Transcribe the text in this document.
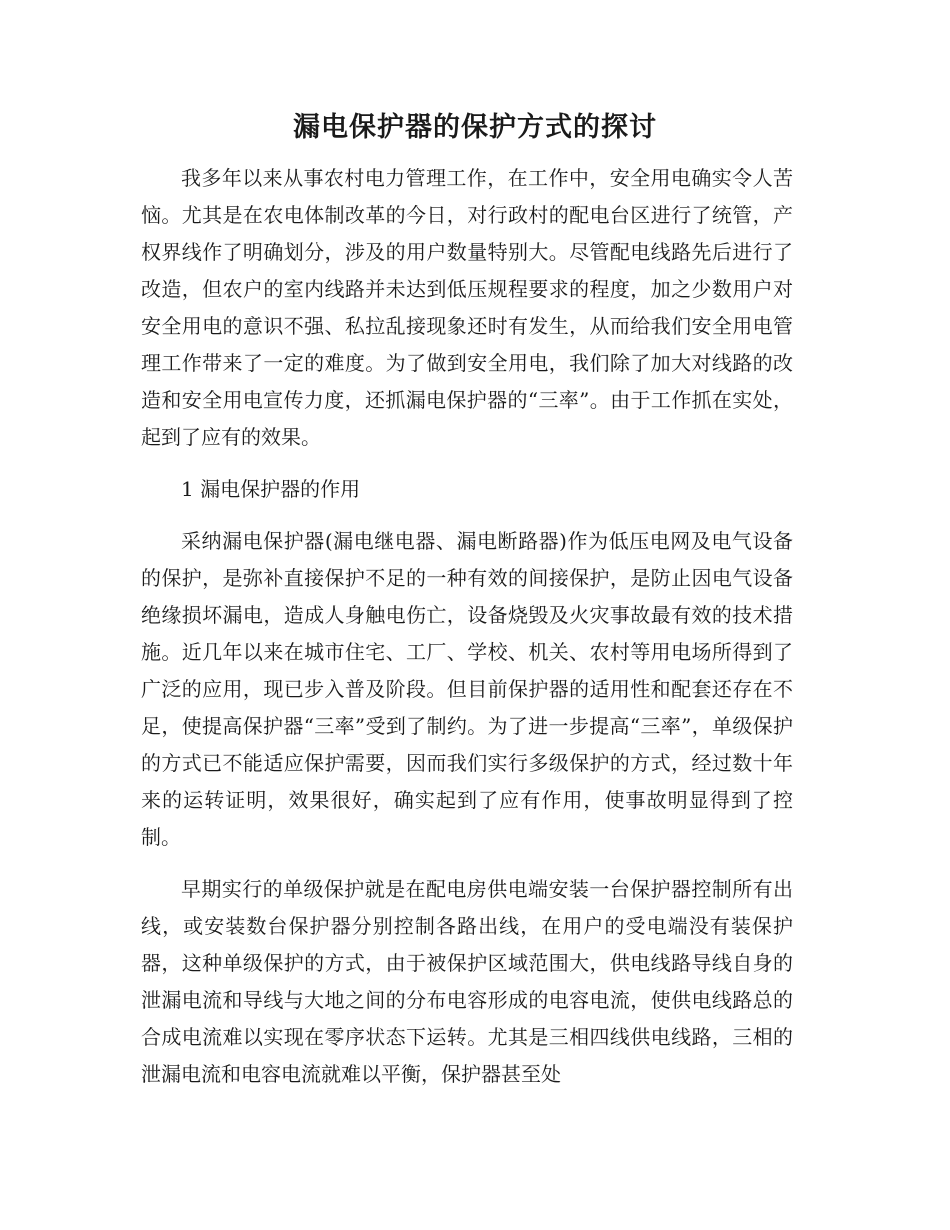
漏电保护器的保护方式的探讨

我多年以来从事农村电力管理工作，在工作中，安全用电确实令人苦恼。尤其是在农电体制改革的今日，对行政村的配电台区进行了统管，产权界线作了明确划分，涉及的用户数量特别大。尽管配电线路先后进行了改造，但农户的室内线路并未达到低压规程要求的程度，加之少数用户对安全用电的意识不强、私拉乱接现象还时有发生，从而给我们安全用电管理工作带来了一定的难度。为了做到安全用电，我们除了加大对线路的改造和安全用电宣传力度，还抓漏电保护器的“三率”。由于工作抓在实处，起到了应有的效果。

1 漏电保护器的作用

采纳漏电保护器(漏电继电器、漏电断路器)作为低压电网及电气设备的保护，是弥补直接保护不足的一种有效的间接保护，是防止因电气设备绝缘损坏漏电，造成人身触电伤亡，设备烧毁及火灾事故最有效的技术措施。近几年以来在城市住宅、工厂、学校、机关、农村等用电场所得到了广泛的应用，现已步入普及阶段。但目前保护器的适用性和配套还存在不足，使提高保护器“三率”受到了制约。为了进一步提高“三率”，单级保护的方式已不能适应保护需要，因而我们实行多级保护的方式，经过数十年来的运转证明，效果很好，确实起到了应有作用，使事故明显得到了控制。

早期实行的单级保护就是在配电房供电端安装一台保护器控制所有出线，或安装数台保护器分别控制各路出线，在用户的受电端没有装保护器，这种单级保护的方式，由于被保护区域范围大，供电线路导线自身的泄漏电流和导线与大地之间的分布电容形成的电容电流，使供电线路总的合成电流难以实现在零序状态下运转。尤其是三相四线供电线路，三相的泄漏电流和电容电流就难以平衡，保护器甚至处
